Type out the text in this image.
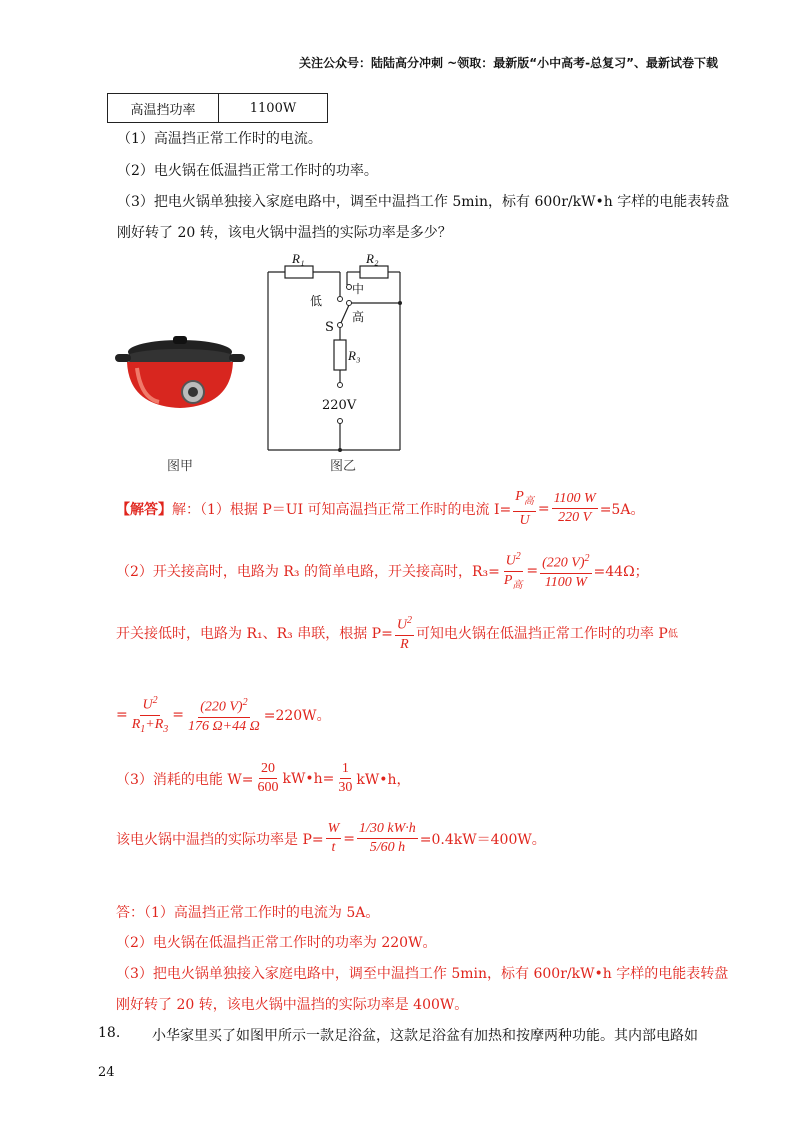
关注公众号：陆陆高分冲刺 ~领取：最新版“小中高考-总复习”、最新试卷下载
高温挡功率	1100W
（1）高温挡正常工作时的电流。
（2）电火锅在低温挡正常工作时的功率。
（3）把电火锅单独接入家庭电路中，调至中温挡工作 5min，标有 600r/kW•h 字样的电能表转盘
刚好转了 20 转，该电火锅中温挡的实际功率是多少？
图甲
R₁	R₂
低
中
高
S
R₃
220V
图乙
【解答】 解：（1）根据 P＝UI 可知高温挡正常工作时的电流 $I= \frac{P_高}{U} = \frac{1100 W}{220 V} =5A$。
（2）开关接高时，电路为 R₃ 的简单电路，开关接高时，$R_3= \frac{U^2}{P_高} = \frac{(220 V)^2}{1100 W} =44\Omega$；
开关接低时，电路为 R₁、R₃ 串联，根据 $P= \frac{U^2}{R}$ 可知电火锅在低温挡正常工作时的功率 P 低
= $\frac{U^2}{R_1+R_3} = \frac{(220 V)^2}{176 \Omega+44 \Omega} =220W$。
（3）消耗的电能 $W= \frac{20}{600}$ kW•h= $\frac{1}{30}$ kW•h，
该电火锅中温挡的实际功率是 $P= \frac{W}{t} = \frac{1/30 kW\cdot h}{5/60 h} =0.4kW=400W$。
答：（1）高温挡正常工作时的电流为 5A。
（2）电火锅在低温挡正常工作时的功率为 220W。
（3）把电火锅单独接入家庭电路中，调至中温挡工作 5min，标有 600r/kW•h 字样的电能表转盘
刚好转了 20 转，该电火锅中温挡的实际功率是 400W。
18. 小华家里买了如图甲所示一款足浴盆，这款足浴盆有加热和按摩两种功能。其内部电路如
24
